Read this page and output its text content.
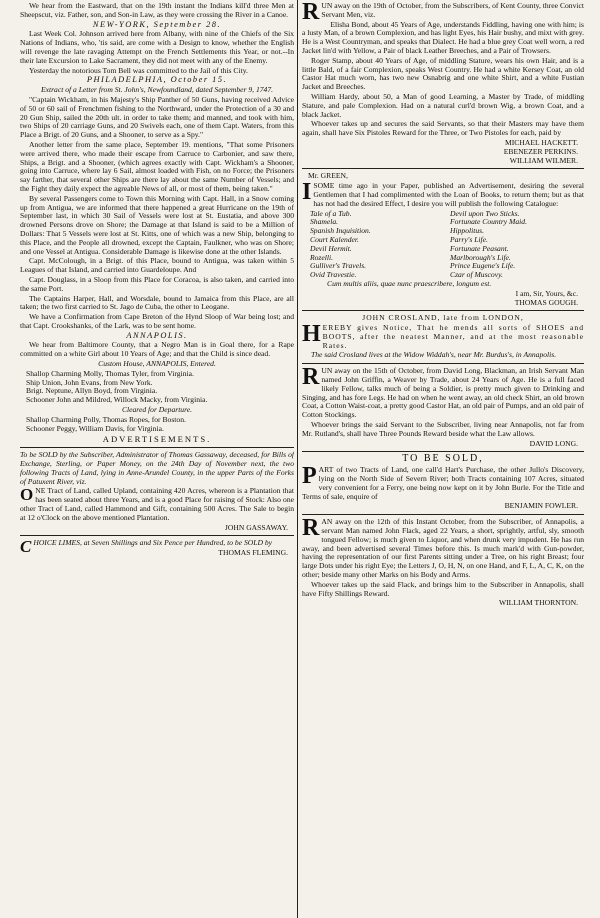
We hear from the Eastward, that on the 19th instant the Indians kill'd three Men at Sheepscut, viz. Father, son, and Son-in Law, as they were crossing the River in a Canoe.

NEW-YORK, September 28.

Last Week Col. Johnson arrived here from Albany, with nine of the Chiefs of the Six Nations of Indians, who, 'tis said, are come with a Design to know, whether the English will revenge the late ravaging Attempt on the French Settlements this Year, or not.--In their late Excursion to Lake Sacrament, they did not meet with any of the Enemy.

Yesterday the notorious Tom Bell was committed to the Jail of this City.

PHILADELPHIA, October 15.
Extract of a Letter from St. John's, Newfoundland, dated September 9, 1747.

"Captain Wickham, in his Majesty's Ship Panther of 50 Guns, having received Advice of 50 or 60 sail of Frenchmen fishing to the Northward, under the Protection of a 30 and 20 Gun Ship, sailed the 20th ult. in order to take them; and manned, and took with him, two Ships of 20 carriage Guns, and 20 Swivels each, one of them Capt. Waters, from this Place a Brigt. of 20 Guns, and a Shooner, to serve as a Spy."

Another letter from the same place, September 19. mentions, "That some Prisoners were arrived there, who made their escape from Carruce to Carbonier, and saw there, Ships, a Brigt. and a Shooner, (which agrees exactly with Capt. Wickham's a Shooner, going into Carruce, where lay 6 Sail, almost loaded with Fish, on no Force; the Prisoners say farther, that several other Ships are there lay about the same Number of Vessels; and the Fight they daily expect the agreable News of all, or most of them, being taken."

By several Passengers come to Town this Morning with Capt. Hall, in a Snow coming up from Antigua, we are informed that there happened a great Hurricane on the 19th of September last, in which 30 Sail of Vessels were lost at St. Eustatia, and above 300 drowned Persons drove on Shore; the Damage at that Island is said to be a Million of Dollars: That 5 Vessels were lost at St. Kitts, one of which was a new Ship, belonging to this Place, and the People all drowned, except the Captain, Faulkner, who was on Shore; and one Vessel at Antigua. Considerable Damage is likewise done at the other Islands.

Capt. McColough, in a Brigt. of this Place, bound to Antigua, was taken within 5 Leagues of that Island, and carried into Guardeloupe. And

Capt. Douglass, in a Sloop from this Place for Coracoa, is also taken, and carried into the same Port.

The Captains Harper, Hall, and Worsdale, bound to Jamaica from this Place, are all taken; the two first carried to St. Jago de Cuba, the other to Leogane.

We have a Confirmation from Cape Breton of the Hynd Sloop of War being lost; and that Capt. Crookshanks, of the Lark, was to be sent home.

ANNAPOLIS.

We hear from Baltimore County, that a Negro Man is in Goal there, for a Rape committed on a white Girl about 10 Years of Age; and that the Child is since dead.

Custom House, ANNAPOLIS, Entered.

Shallop Charming Molly, Thomas Tyler, from Virginia.

Ship Union, John Evans, from New York.

Brigt. Neptune, Allyn Boyd, from Virginia.

Schooner John and Mildred, Willock Macky, from Virginia.

Cleared for Departure.

Shallop Charming Polly, Thomas Ropes, for Boston.

Schooner Peggy, William Davis, for Virginia.

ADVERTISEMENTS.

To be SOLD by the Subscriber, Administrator of Thomas Gassaway, deceased, for Bills of Exchange, Sterling, or Paper Money, on the 24th Day of November next, the two following Tracts of Land, lying in Anne-Arundel County, in the upper Parts of the Forks of Patuxent River, viz.

ONE Tract of Land, called Upland, containing 420 Acres, whereon is a Plantation that has been seated about three Years, and is a good Place for raising of Stock: Also one other Tract of Land, called Hammond and Gift, containing 500 Acres. The Sale to begin at 12 o'Clock on the above mentioned Plantation.

JOHN GASSAWAY.

CHOICE LIMES, at Seven Shillings and Six Pence per Hundred, to be SOLD by

THOMAS FLEMING.

RUN away on the 19th of October, from the Subscribers, of Kent County, three Convict Servant Men, viz.

Elisha Bond, about 45 Years of Age, understands Fiddling, having one with him; is a lusty Man, of a brown Complexion, and has light Eyes, his Hair bushy, and mixt with grey. He is a West Countryman, and speaks that Dialect. He had a blue grey Coat well worn, a red Jacket lin'd with Yellow, a Pair of black Leather Breeches, and a Pair of Trowsers.

Roger Stamp, about 40 Years of Age, of middling Stature, wears his own Hair, and is a little Bald, of a fair Complexion, speaks West Country. He had a white Kersey Coat, an old Castor Hat much worn, has two new Osnabrig and one white Shirt, and a white Fustian Jacket and Breeches.

William Hardy, about 50, a Man of good Learning, a Master by Trade, of middling Stature, and pale Complexion. Had on a natural curl'd brown Wig, a brown Coat, and a black Jacket.

Whoever takes up and secures the said Servants, so that their Masters may have them again, shall have Six Pistoles Reward for the Three, or Two Pistoles for each, paid by

MICHAEL HACKETT.
EBENEZER PERKINS.
WILLIAM WILMER.

Mr. GREEN,

ISOME time ago in your Paper, published an Advertisement, desiring the several Gentlemen that I had complimented with the Loan of Books, to return them; but as that has not had the desired Effect, I desire you will publish the following Catalogue:

Tale of a Tub.
Shamela.
Spanish Inquisition.
Court Kalender.
Devil Hermit.
Rozelli.
Gulliver's Travels.
Ovid Travestie.
Devil upon Two Sticks.
Fortunate Country Maid.
Hippolitus.
Parry's Life.
Fortunate Peasant.
Marlborough's Life.
Prince Eugene's Life.
Czar of Muscovy.

Cum multis aliis, quae nunc praescribere, longum est.

I am, Sir, Yours, &c.
THOMAS GOUGH.
JOHN CROSLAND, late from LONDON,

HEREBY gives Notice, That he mends all sorts of SHOES and BOOTS, after the neatest Manner, and at the most reasonable Rates.

The said Crosland lives at the Widow Widdah's, near Mr. Burdus's, in Annapolis.

RUN away on the 15th of October, from David Long, Blackman, an Irish Servant Man named John Griffin, a Weaver by Trade, about 24 Years of Age. He is a full faced likely Fellow, talks much of being a Soldier, is pretty much given to Drinking and Singing, and has fore Legs. He had on when he went away, an old check Shirt, an old brown Coat, a Cotton Waist-coat, a pretty good Castor Hat, an old pair of Pumps, and an old pair of Cotton Stockings.

Whoever brings the said Servant to the Subscriber, living near Annapolis, not far from Mr. Rutland's, shall have Three Pounds Reward beside what the Law allows.

DAVID LONG.
TO BE SOLD,

PART of two Tracts of Land, one call'd Hart's Purchase, the other Jullo's Discovery, lying on the North Side of Severn River; both Tracts containing 107 Acres, situated very convenient for a Ferry, one being now kept on it by John Burle. For the Title and Terms of sale, enquire of

BENJAMIN FOWLER.

RAN away on the 12th of this Instant October, from the Subscriber, of Annapolis, a servant Man named John Flack, aged 22 Years, a short, sprightly, artful, sly, smooth tongued Fellow; is much given to Liquor, and when drunk very impudent. He has run away, and been advertised several Times before this. Is much mark'd with Gun-powder, having the representation of our first Parents sitting under a Tree, on his right Breast; four large Dots under his right Eye; the Letters J, O, H, N, on one Hand, and F, L, A, C, K, on the other; beside many other Marks on his Body and Arms.

Whoever takes up the said Flack, and brings him to the Subscriber in Annapolis, shall have Fifty Shillings Reward.

WILLIAM THORNTON.
